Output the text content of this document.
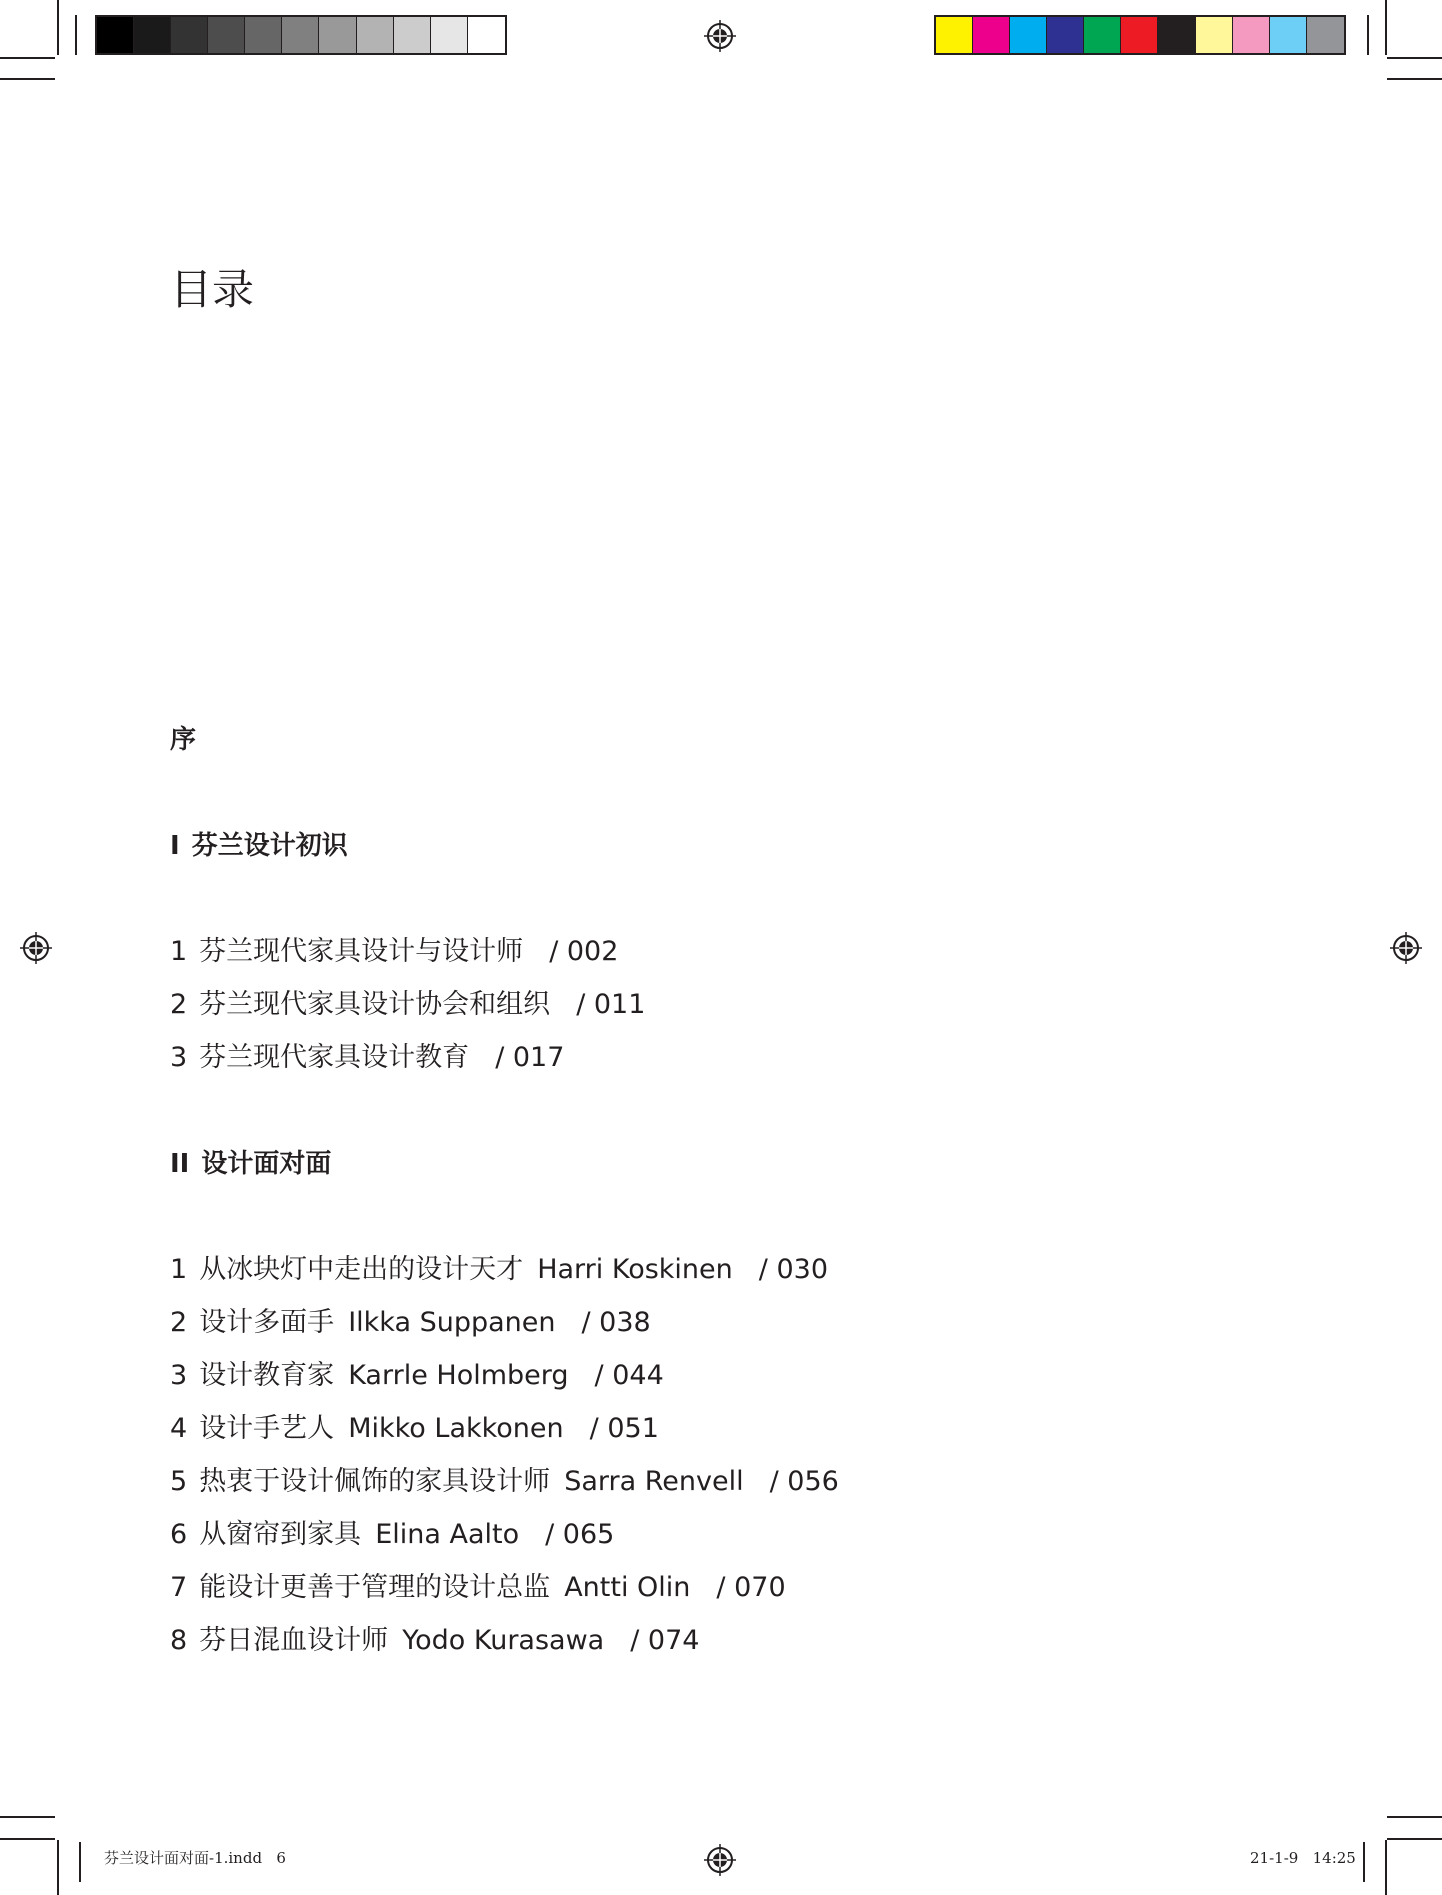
目录
序
I 芬兰设计初识

1 芬兰现代家具设计与设计师 / 002

2 芬兰现代家具设计协会和组织 / 011

3 芬兰现代家具设计教育 / 017

II 设计面对面

1 从冰块灯中走出的设计天才 Harri Koskinen / 030

2 设计多面手 Ilkka Suppanen / 038

3 设计教育家 Karrle Holmberg / 044

4 设计手艺人 Mikko Lakkonen / 051

5 热衷于设计佩饰的家具设计师 Sarra Renvell / 056

6 从窗帘到家具 Elina Aalto / 065

7 能设计更善于管理的设计总监 Antti Olin / 070

8 芬日混血设计师 Yodo Kurasawa / 074

芬兰设计面对面-1.indd   6	21-1-9   14:25
